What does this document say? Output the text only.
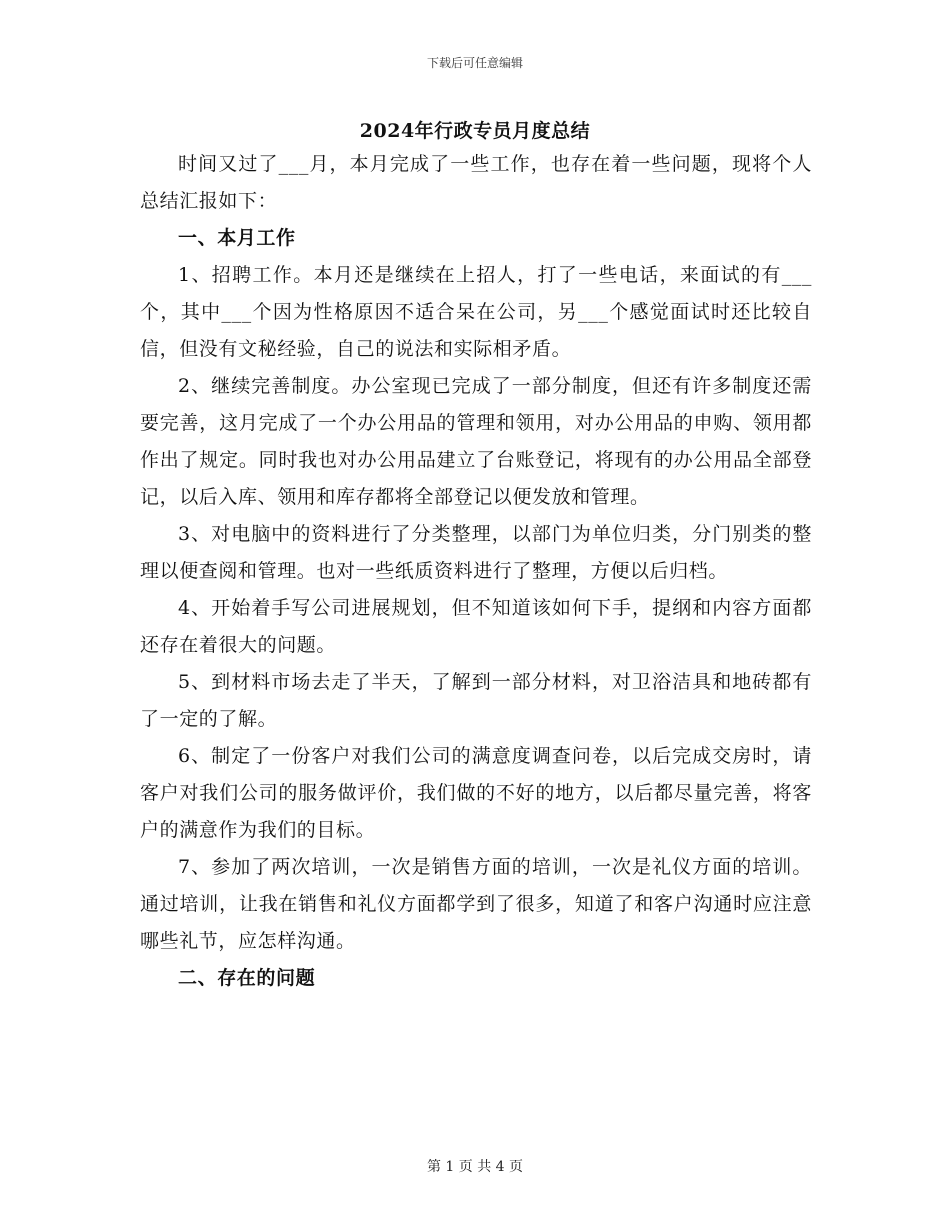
下载后可任意编辑
2024年行政专员月度总结

时间又过了___月，本月完成了一些工作，也存在着一些问题，现将个人总结汇报如下：

一、本月工作

1、招聘工作。本月还是继续在上招人，打了一些电话，来面试的有___个，其中___个因为性格原因不适合呆在公司，另___个感觉面试时还比较自信，但没有文秘经验，自己的说法和实际相矛盾。

2、继续完善制度。办公室现已完成了一部分制度，但还有许多制度还需要完善，这月完成了一个办公用品的管理和领用，对办公用品的申购、领用都作出了规定。同时我也对办公用品建立了台账登记，将现有的办公用品全部登记，以后入库、领用和库存都将全部登记以便发放和管理。

3、对电脑中的资料进行了分类整理，以部门为单位归类，分门别类的整理以便查阅和管理。也对一些纸质资料进行了整理，方便以后归档。

4、开始着手写公司进展规划，但不知道该如何下手，提纲和内容方面都还存在着很大的问题。

5、到材料市场去走了半天，了解到一部分材料，对卫浴洁具和地砖都有了一定的了解。

6、制定了一份客户对我们公司的满意度调查问卷，以后完成交房时，请客户对我们公司的服务做评价，我们做的不好的地方，以后都尽量完善，将客户的满意作为我们的目标。

7、参加了两次培训，一次是销售方面的培训，一次是礼仪方面的培训。通过培训，让我在销售和礼仪方面都学到了很多，知道了和客户沟通时应注意哪些礼节，应怎样沟通。

二、存在的问题

第 1 页 共 4 页
